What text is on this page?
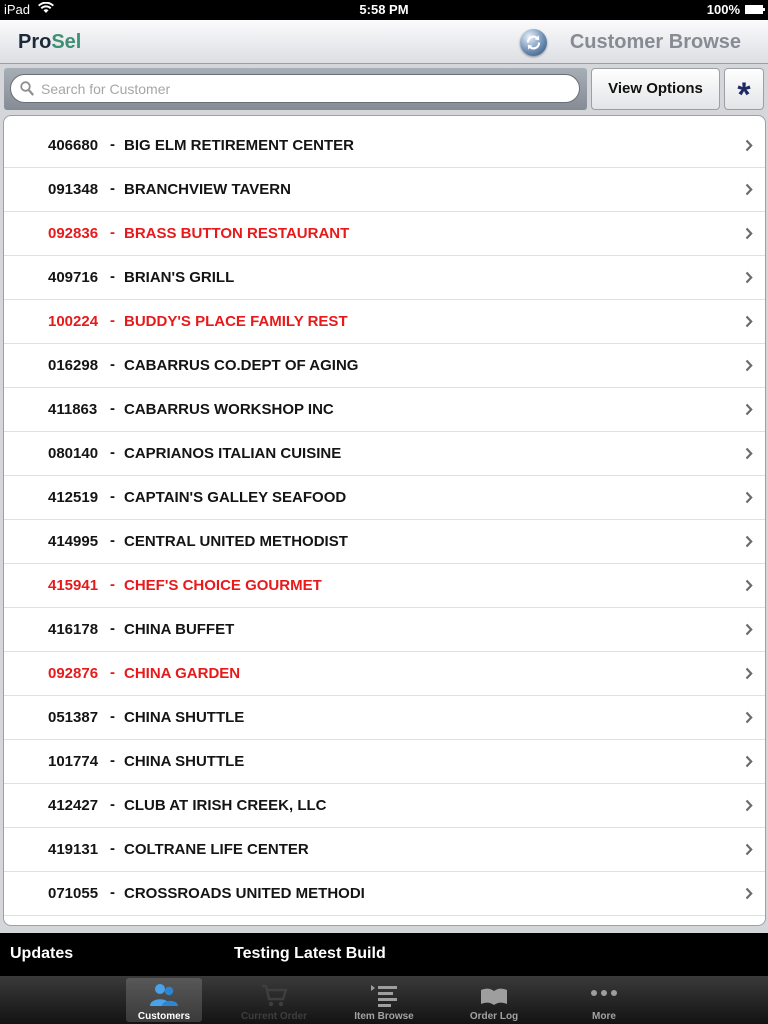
iPad	5:58 PM	100%
ProSel	Customer Browse
Search for Customer
View Options	*
406680 - BIG ELM RETIREMENT CENTER
091348 - BRANCHVIEW TAVERN
092836 - BRASS BUTTON RESTAURANT
409716 - BRIAN'S GRILL
100224 - BUDDY'S PLACE FAMILY REST
016298 - CABARRUS CO.DEPT OF AGING
411863 - CABARRUS WORKSHOP INC
080140 - CAPRIANOS ITALIAN CUISINE
412519 - CAPTAIN'S GALLEY SEAFOOD
414995 - CENTRAL UNITED METHODIST
415941 - CHEF'S CHOICE GOURMET
416178 - CHINA BUFFET
092876 - CHINA GARDEN
051387 - CHINA SHUTTLE
101774 - CHINA SHUTTLE
412427 - CLUB AT IRISH CREEK, LLC
419131 - COLTRANE LIFE CENTER
071055 - CROSSROADS UNITED METHODI
Updates	Testing Latest Build
Customers	Current Order	Item Browse	Order Log	More
